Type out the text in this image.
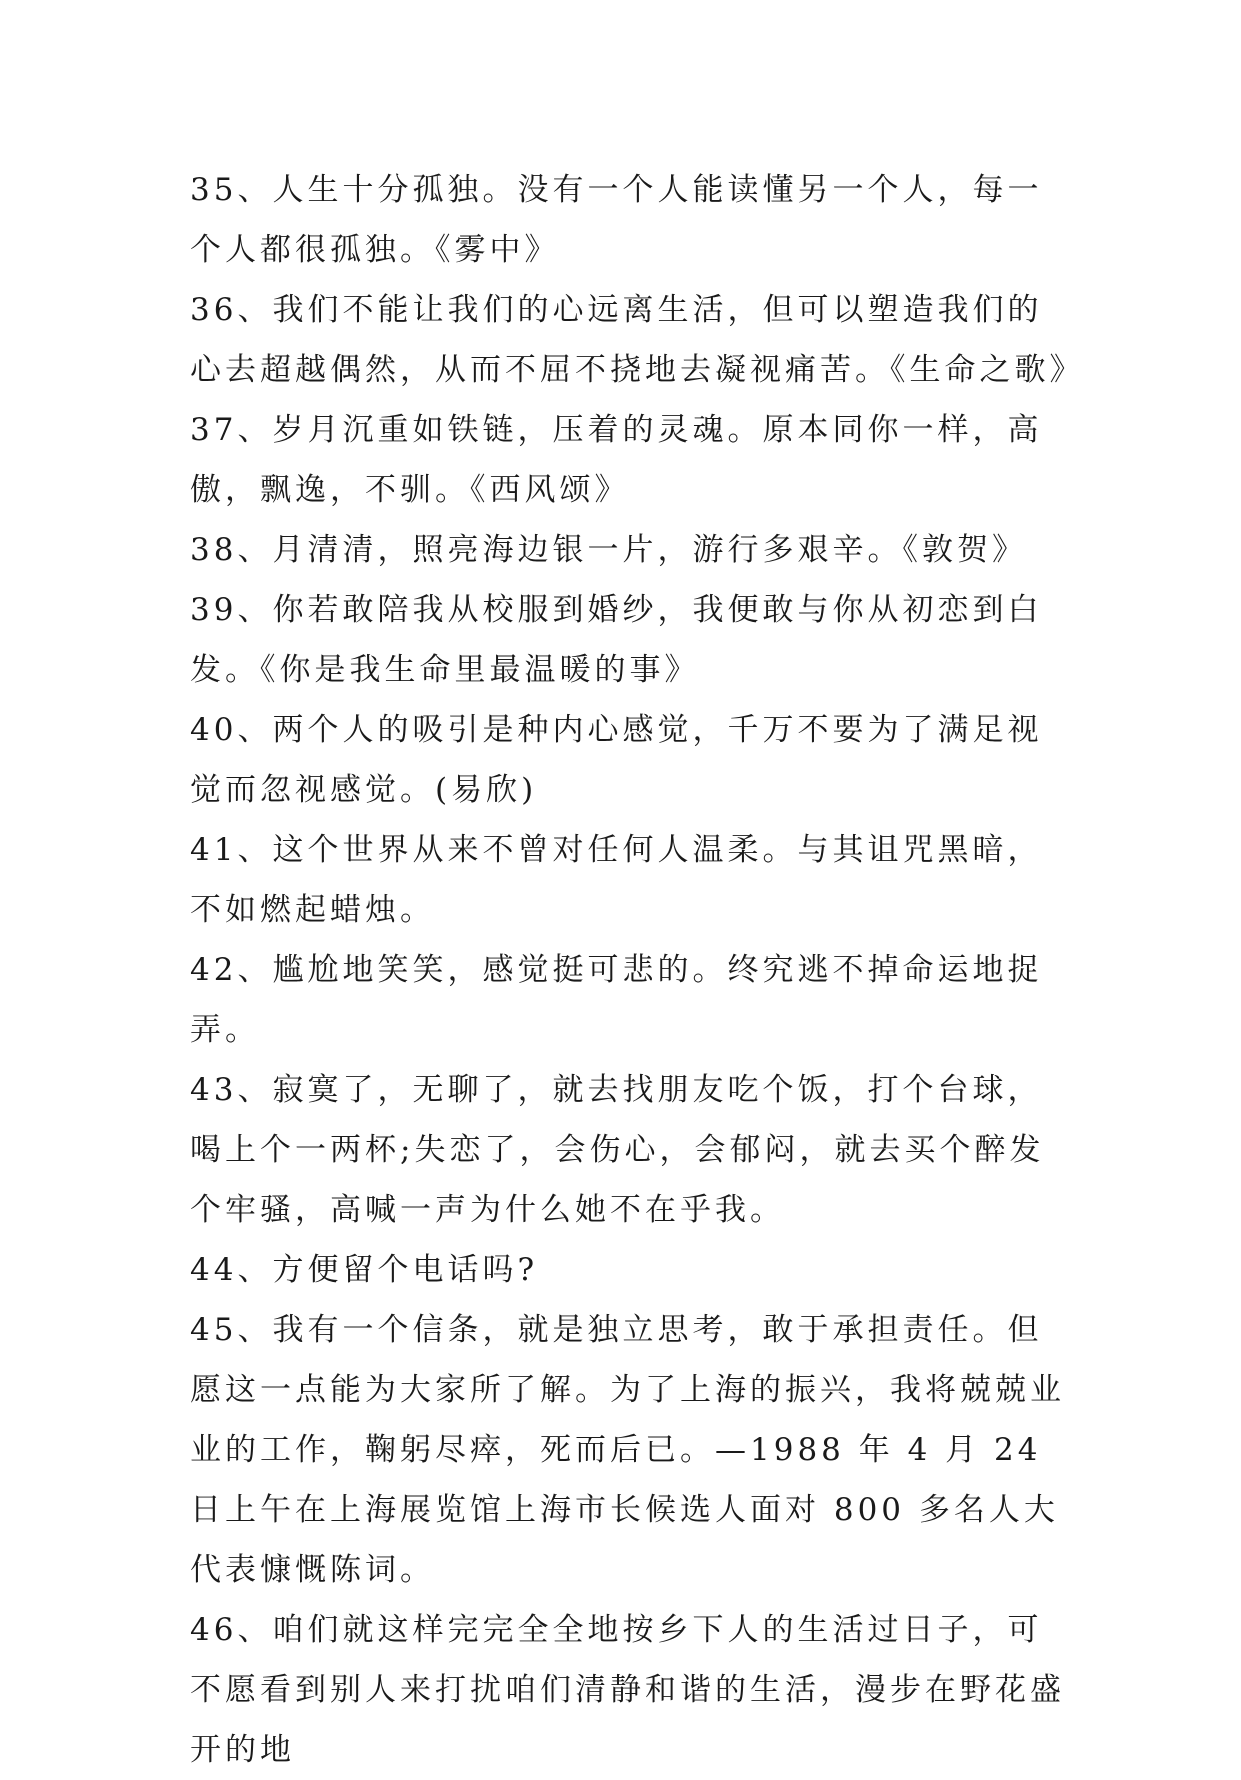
35、人生十分孤独。没有一个人能读懂另一个人，每一个人都很孤独。《雾中》

36、我们不能让我们的心远离生活，但可以塑造我们的心去超越偶然，从而不屈不挠地去凝视痛苦。《生命之歌》

37、岁月沉重如铁链，压着的灵魂。原本同你一样，高傲，飘逸，不驯。《西风颂》

38、月清清，照亮海边银一片，游行多艰辛。《敦贺》

39、你若敢陪我从校服到婚纱，我便敢与你从初恋到白发。《你是我生命里最温暖的事》

40、两个人的吸引是种内心感觉，千万不要为了满足视觉而忽视感觉。(易欣)

41、这个世界从来不曾对任何人温柔。与其诅咒黑暗，不如燃起蜡烛。

42、尴尬地笑笑，感觉挺可悲的。终究逃不掉命运地捉弄。

43、寂寞了，无聊了，就去找朋友吃个饭，打个台球，喝上个一两杯;失恋了，会伤心，会郁闷，就去买个醉发个牢骚，高喊一声为什么她不在乎我。

44、方便留个电话吗?

45、我有一个信条，就是独立思考，敢于承担责任。但愿这一点能为大家所了解。为了上海的振兴，我将兢兢业业的工作，鞠躬尽瘁，死而后已。—1988 年 4 月 24 日上午在上海展览馆上海市长候选人面对 800 多名人大代表慷慨陈词。

46、咱们就这样完完全全地按乡下人的生活过日子，可不愿看到别人来打扰咱们清静和谐的生活，漫步在野花盛开的地
